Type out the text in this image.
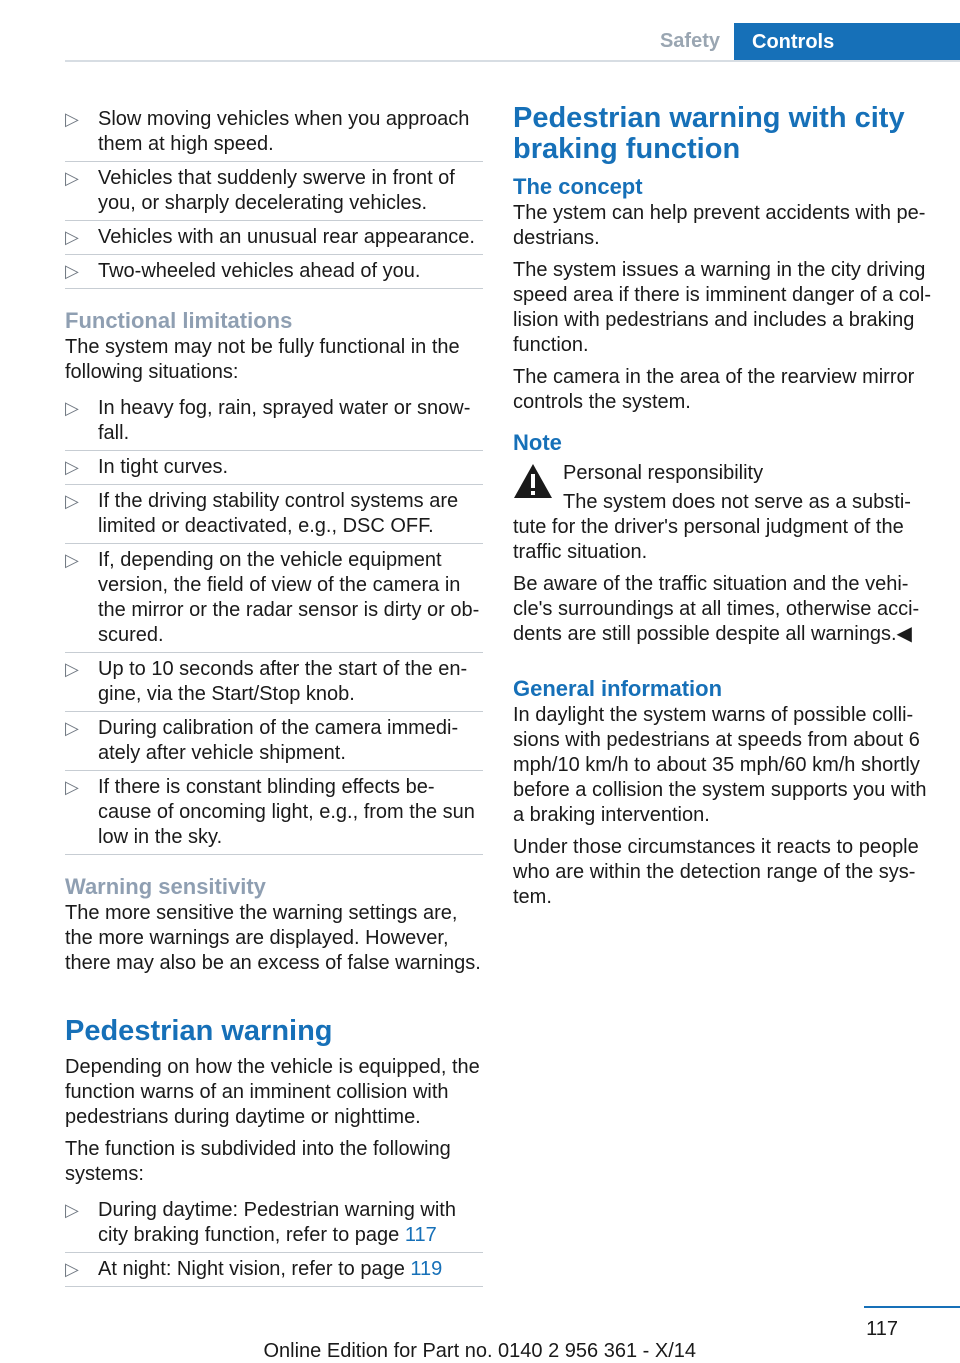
Safety	Controls
▷ Slow moving vehicles when you approach them at high speed.
▷ Vehicles that suddenly swerve in front of you, or sharply decelerating vehicles.
▷ Vehicles with an unusual rear appearance.
▷ Two-wheeled vehicles ahead of you.
Functional limitations

The system may not be fully functional in the following situations:

▷ In heavy fog, rain, sprayed water or snow-fall.
▷ In tight curves.
▷ If the driving stability control systems are limited or deactivated, e.g., DSC OFF.
▷ If, depending on the vehicle equipment version, the field of view of the camera in the mirror or the radar sensor is dirty or ob-scured.
▷ Up to 10 seconds after the start of the en-gine, via the Start/Stop knob.
▷ During calibration of the camera immedi-ately after vehicle shipment.
▷ If there is constant blinding effects be-cause of oncoming light, e.g., from the sun low in the sky.
Warning sensitivity

The more sensitive the warning settings are, the more warnings are displayed. However, there may also be an excess of false warnings.

Pedestrian warning

Depending on how the vehicle is equipped, the function warns of an imminent collision with pedestrians during daytime or nighttime.

The function is subdivided into the following systems:

▷ During daytime: Pedestrian warning with city braking function, refer to page 117
▷ At night: Night vision, refer to page 119
Pedestrian warning with city braking function
The concept

The ystem can help prevent accidents with pe-destrians.

The system issues a warning in the city driving speed area if there is imminent danger of a col-lision with pedestrians and includes a braking function.

The camera in the area of the rearview mirror controls the system.

Note

Personal responsibility

The system does not serve as a substi-

tute for the driver's personal judgment of the traffic situation.

Be aware of the traffic situation and the vehi-cle's surroundings at all times, otherwise acci-dents are still possible despite all warnings.◀

General information

In daylight the system warns of possible colli-sions with pedestrians at speeds from about 6 mph/10 km/h to about 35 mph/60 km/h shortly before a collision the system supports you with a braking intervention.

Under those circumstances it reacts to people who are within the detection range of the sys-tem.

117
Online Edition for Part no. 0140 2 956 361 - X/14
